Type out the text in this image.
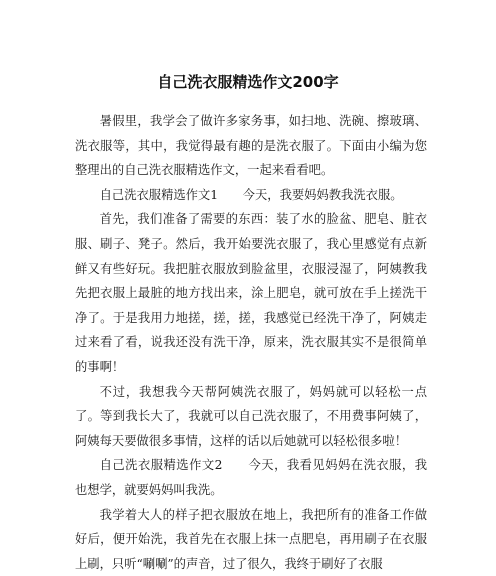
自己洗衣服精选作文200字

暑假里，我学会了做许多家务事，如扫地、洗碗、擦玻璃、洗衣服等，其中，我觉得最有趣的是洗衣服了。下面由小编为您整理出的自己洗衣服精选作文，一起来看看吧。

自己洗衣服精选作文1　　今天，我要妈妈教我洗衣服。

首先，我们准备了需要的东西：装了水的脸盆、肥皂、脏衣服、刷子、凳子。然后，我开始要洗衣服了，我心里感觉有点新鲜又有些好玩。我把脏衣服放到脸盆里，衣服浸湿了，阿姨教我先把衣服上最脏的地方找出来，涂上肥皂，就可放在手上搓洗干净了。于是我用力地搓，搓，搓，我感觉已经洗干净了，阿姨走过来看了看，说我还没有洗干净，原来，洗衣服其实不是很简单的事啊！

不过，我想我今天帮阿姨洗衣服了，妈妈就可以轻松一点了。等到我长大了，我就可以自己洗衣服了，不用费事阿姨了，阿姨每天要做很多事情，这样的话以后她就可以轻松很多啦！

自己洗衣服精选作文2　　今天，我看见妈妈在洗衣服，我也想学，就要妈妈叫我洗。

我学着大人的样子把衣服放在地上，我把所有的准备工作做好后，便开始洗，我首先在衣服上抹一点肥皂，再用刷子在衣服上刷，只听“唰唰”的声音，过了很久，我终于刷好了衣服
